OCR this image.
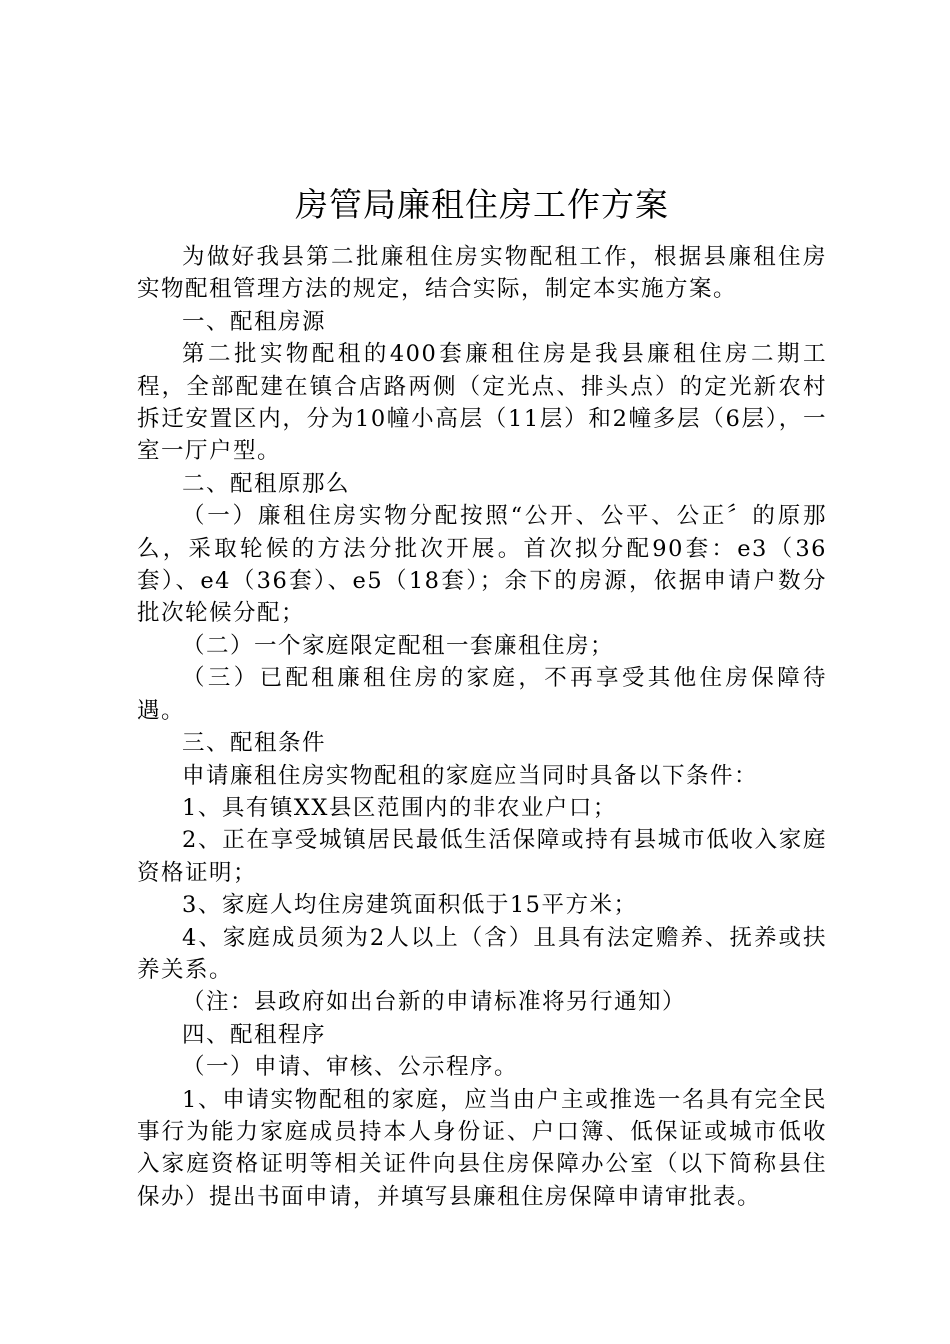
房管局廉租住房工作方案

为做好我县第二批廉租住房实物配租工作，根据县廉租住房实物配租管理方法的规定，结合实际，制定本实施方案。

一、配租房源

第二批实物配租的400套廉租住房是我县廉租住房二期工程，全部配建在镇合店路两侧（定光点、排头点）的定光新农村拆迁安置区内，分为10幢小高层（11层）和2幢多层（6层），一室一厅户型。

二、配租原那么

（一）廉租住房实物分配按照“公开、公平、公正〞的原那么，采取轮候的方法分批次开展。首次拟分配90套：e3（36套）、e4（36套）、e5（18套）；余下的房源，依据申请户数分批次轮候分配；

（二）一个家庭限定配租一套廉租住房；

（三）已配租廉租住房的家庭，不再享受其他住房保障待遇。

三、配租条件

申请廉租住房实物配租的家庭应当同时具备以下条件：

1、具有镇XX县区范围内的非农业户口；

2、正在享受城镇居民最低生活保障或持有县城市低收入家庭资格证明；

3、家庭人均住房建筑面积低于15平方米；

4、家庭成员须为2人以上（含）且具有法定赡养、抚养或扶养关系。

（注：县政府如出台新的申请标准将另行通知）

四、配租程序

（一）申请、审核、公示程序。

1、申请实物配租的家庭，应当由户主或推选一名具有完全民事行为能力家庭成员持本人身份证、户口簿、低保证或城市低收入家庭资格证明等相关证件向县住房保障办公室（以下简称县住保办）提出书面申请，并填写县廉租住房保障申请审批表。
